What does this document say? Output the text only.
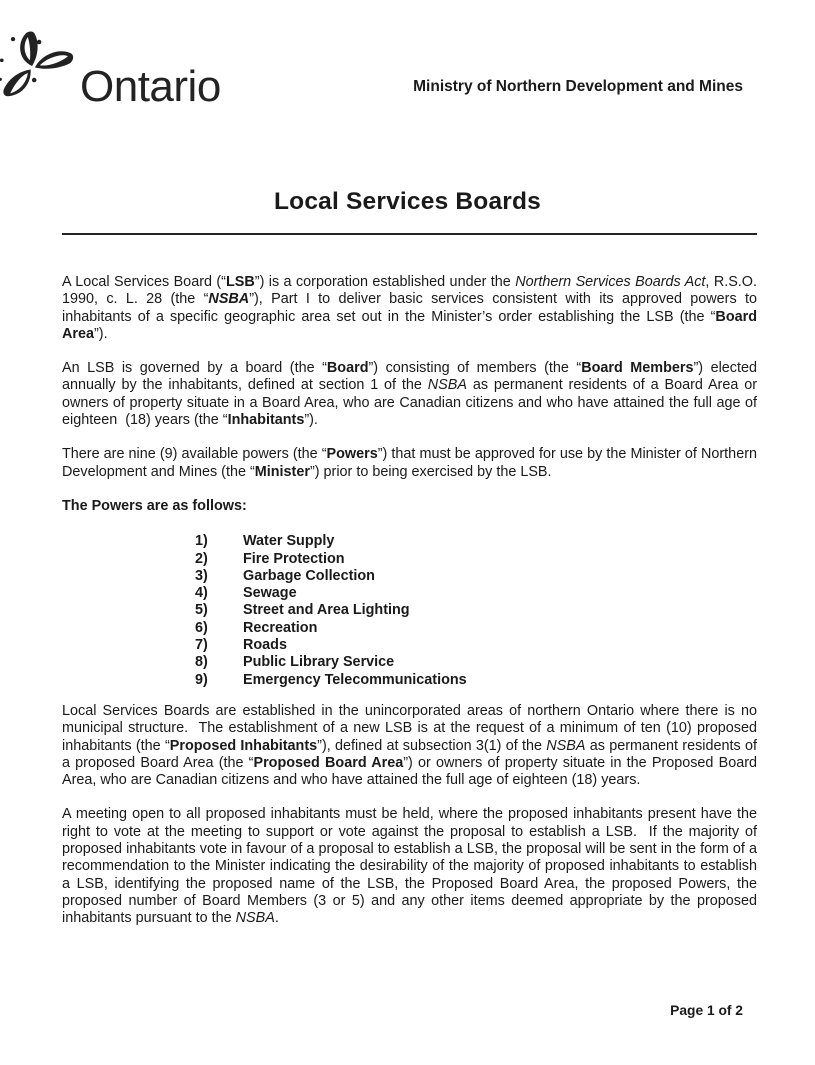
Ontario	Ministry of Northern Development and Mines
Local Services Boards

A Local Services Board (“LSB”) is a corporation established under the Northern Services Boards Act, R.S.O. 1990, c. L. 28 (the “NSBA”), Part I to deliver basic services consistent with its approved powers to inhabitants of a specific geographic area set out in the Minister’s order establishing the LSB (the “Board Area”).

An LSB is governed by a board (the “Board”) consisting of members (the “Board Members”) elected annually by the inhabitants, defined at section 1 of the NSBA as permanent residents of a Board Area or owners of property situate in a Board Area, who are Canadian citizens and who have attained the full age of eighteen  (18) years (the “Inhabitants”).

There are nine (9) available powers (the “Powers”) that must be approved for use by the Minister of Northern Development and Mines (the “Minister”) prior to being exercised by the LSB.

The Powers are as follows:

1)	Water Supply
2)	Fire Protection
3)	Garbage Collection
4)	Sewage
5)	Street and Area Lighting
6)	Recreation
7)	Roads
8)	Public Library Service
9)	Emergency Telecommunications

Local Services Boards are established in the unincorporated areas of northern Ontario where there is no municipal structure.  The establishment of a new LSB is at the request of a minimum of ten (10) proposed inhabitants (the “Proposed Inhabitants”), defined at subsection 3(1) of the NSBA as permanent residents of a proposed Board Area (the “Proposed Board Area”) or owners of property situate in the Proposed Board Area, who are Canadian citizens and who have attained the full age of eighteen (18) years.

A meeting open to all proposed inhabitants must be held, where the proposed inhabitants present have the right to vote at the meeting to support or vote against the proposal to establish a LSB.  If the majority of proposed inhabitants vote in favour of a proposal to establish a LSB, the proposal will be sent in the form of a recommendation to the Minister indicating the desirability of the majority of proposed inhabitants to establish a LSB, identifying the proposed name of the LSB, the Proposed Board Area, the proposed Powers, the proposed number of Board Members (3 or 5) and any other items deemed appropriate by the proposed inhabitants pursuant to the NSBA.

Page 1 of 2
